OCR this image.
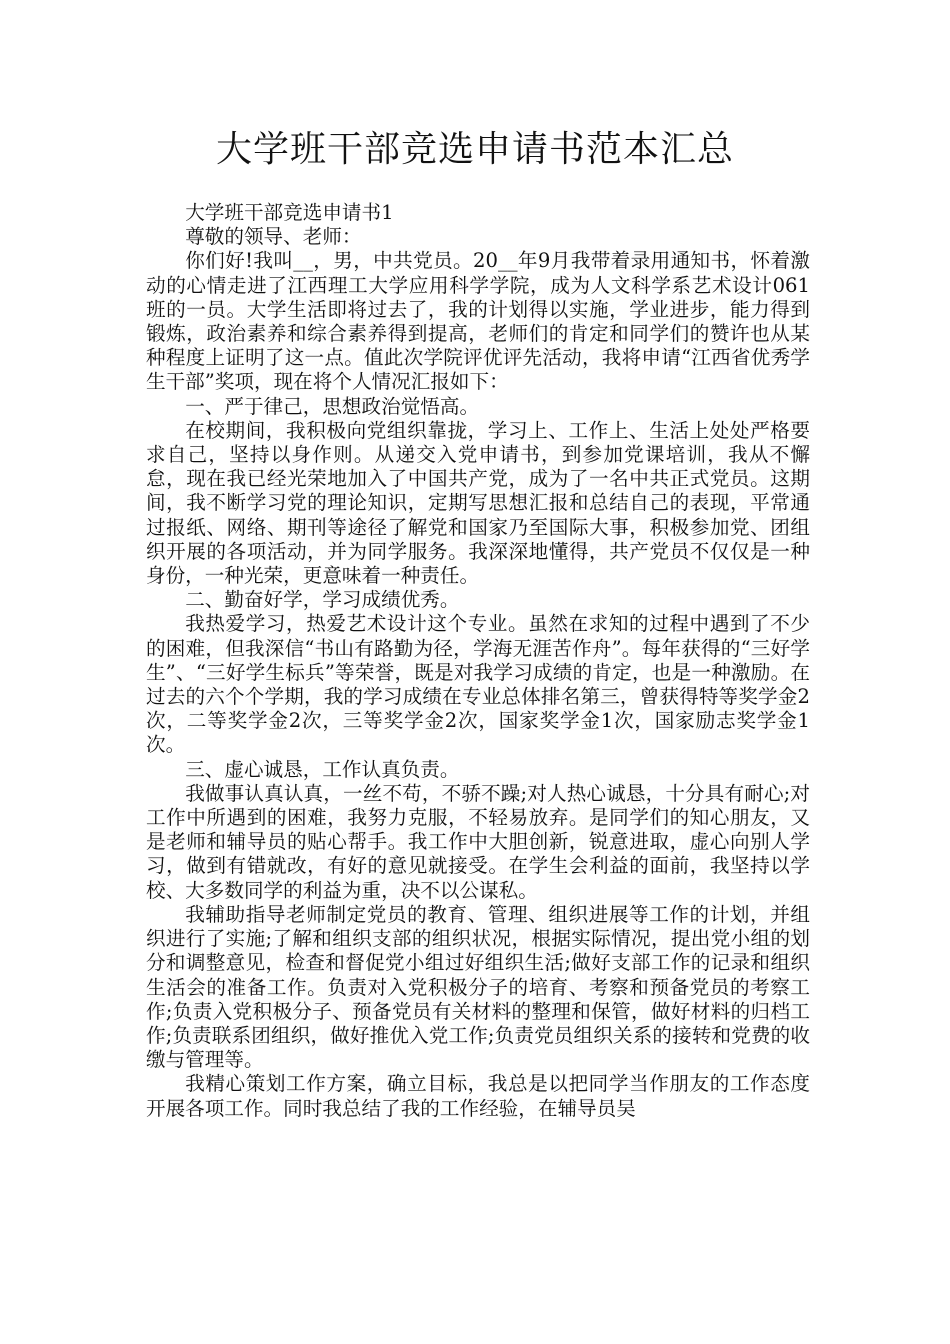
大学班干部竞选申请书范本汇总

大学班干部竞选申请书1

尊敬的领导、老师：

你们好!我叫__，男，中共党员。20__年9月我带着录用通知书，怀着激动的心情走进了江西理工大学应用科学学院，成为人文科学系艺术设计061班的一员。大学生活即将过去了，我的计划得以实施，学业进步，能力得到锻炼，政治素养和综合素养得到提高，老师们的肯定和同学们的赞许也从某种程度上证明了这一点。值此次学院评优评先活动，我将申请“江西省优秀学生干部”奖项，现在将个人情况汇报如下：

一、严于律己，思想政治觉悟高。

在校期间，我积极向党组织靠拢，学习上、工作上、生活上处处严格要求自己，坚持以身作则。从递交入党申请书，到参加党课培训，我从不懈怠，现在我已经光荣地加入了中国共产党，成为了一名中共正式党员。这期间，我不断学习党的理论知识，定期写思想汇报和总结自己的表现，平常通过报纸、网络、期刊等途径了解党和国家乃至国际大事，积极参加党、团组织开展的各项活动，并为同学服务。我深深地懂得，共产党员不仅仅是一种身份，一种光荣，更意味着一种责任。

二、勤奋好学，学习成绩优秀。

我热爱学习，热爱艺术设计这个专业。虽然在求知的过程中遇到了不少的困难，但我深信“书山有路勤为径，学海无涯苦作舟”。每年获得的“三好学生”、“三好学生标兵”等荣誉，既是对我学习成绩的肯定，也是一种激励。在过去的六个个学期，我的学习成绩在专业总体排名第三，曾获得特等奖学金2次，二等奖学金2次，三等奖学金2次，国家奖学金1次，国家励志奖学金1次。

三、虚心诚恳，工作认真负责。

我做事认真认真，一丝不苟，不骄不躁;对人热心诚恳，十分具有耐心;对工作中所遇到的困难，我努力克服，不轻易放弃。是同学们的知心朋友，又是老师和辅导员的贴心帮手。我工作中大胆创新，锐意进取，虚心向别人学习，做到有错就改，有好的意见就接受。在学生会利益的面前，我坚持以学校、大多数同学的利益为重，决不以公谋私。

我辅助指导老师制定党员的教育、管理、组织进展等工作的计划，并组织进行了实施;了解和组织支部的组织状况，根据实际情况，提出党小组的划分和调整意见，检查和督促党小组过好组织生活;做好支部工作的记录和组织生活会的准备工作。负责对入党积极分子的培育、考察和预备党员的考察工作;负责入党积极分子、预备党员有关材料的整理和保管，做好材料的归档工作;负责联系团组织，做好推优入党工作;负责党员组织关系的接转和党费的收缴与管理等。

我精心策划工作方案，确立目标，我总是以把同学当作朋友的工作态度开展各项工作。同时我总结了我的工作经验，在辅导员吴
